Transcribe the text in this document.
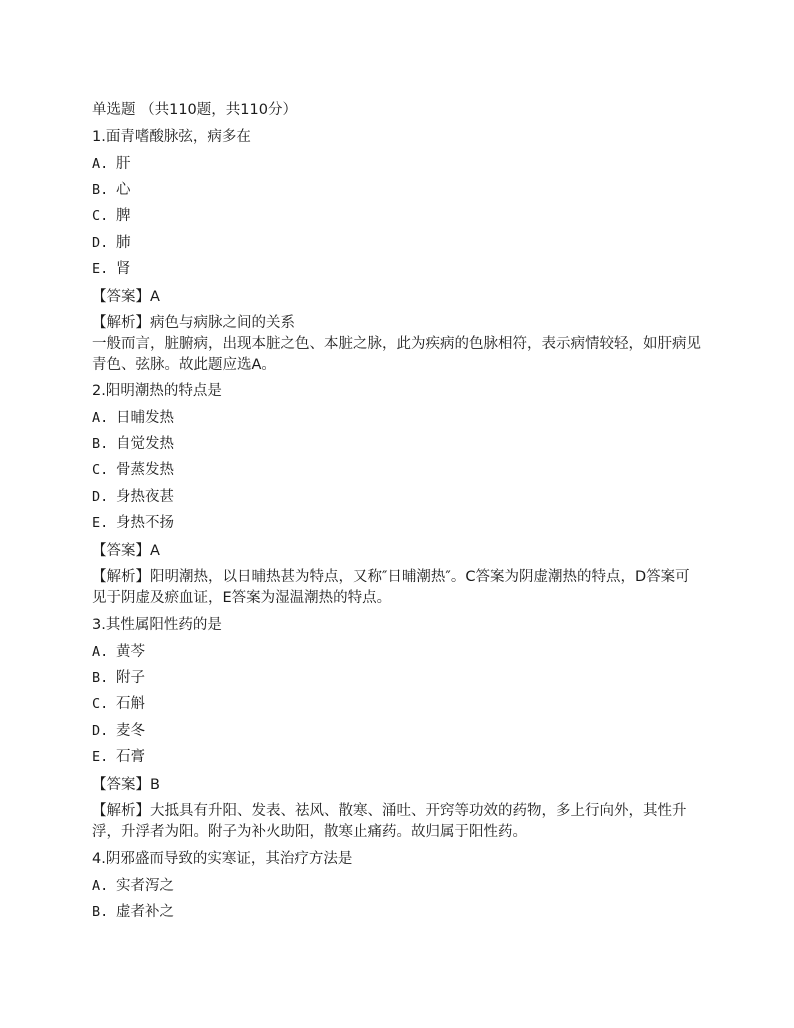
单选题 （共110题，共110分）
1.面青嗜酸脉弦，病多在
A. 肝
B. 心
C. 脾
D. 肺
E. 肾
【答案】A
【解析】病色与病脉之间的关系
一般而言，脏腑病，出现本脏之色、本脏之脉，此为疾病的色脉相符，表示病情较轻，如肝病见青色、弦脉。故此题应选A。
2.阳明潮热的特点是
A. 日晡发热
B. 自觉发热
C. 骨蒸发热
D. 身热夜甚
E. 身热不扬
【答案】A
【解析】阳明潮热，以日晡热甚为特点，又称″日晡潮热″。C答案为阴虚潮热的特点，D答案可见于阴虚及瘀血证，E答案为湿温潮热的特点。
3.其性属阳性药的是
A. 黄芩
B. 附子
C. 石斛
D. 麦冬
E. 石膏
【答案】B
【解析】大抵具有升阳、发表、祛风、散寒、涌吐、开窍等功效的药物，多上行向外，其性升浮，升浮者为阳。附子为补火助阳，散寒止痛药。故归属于阳性药。
4.阴邪盛而导致的实寒证，其治疗方法是
A. 实者泻之
B. 虚者补之
